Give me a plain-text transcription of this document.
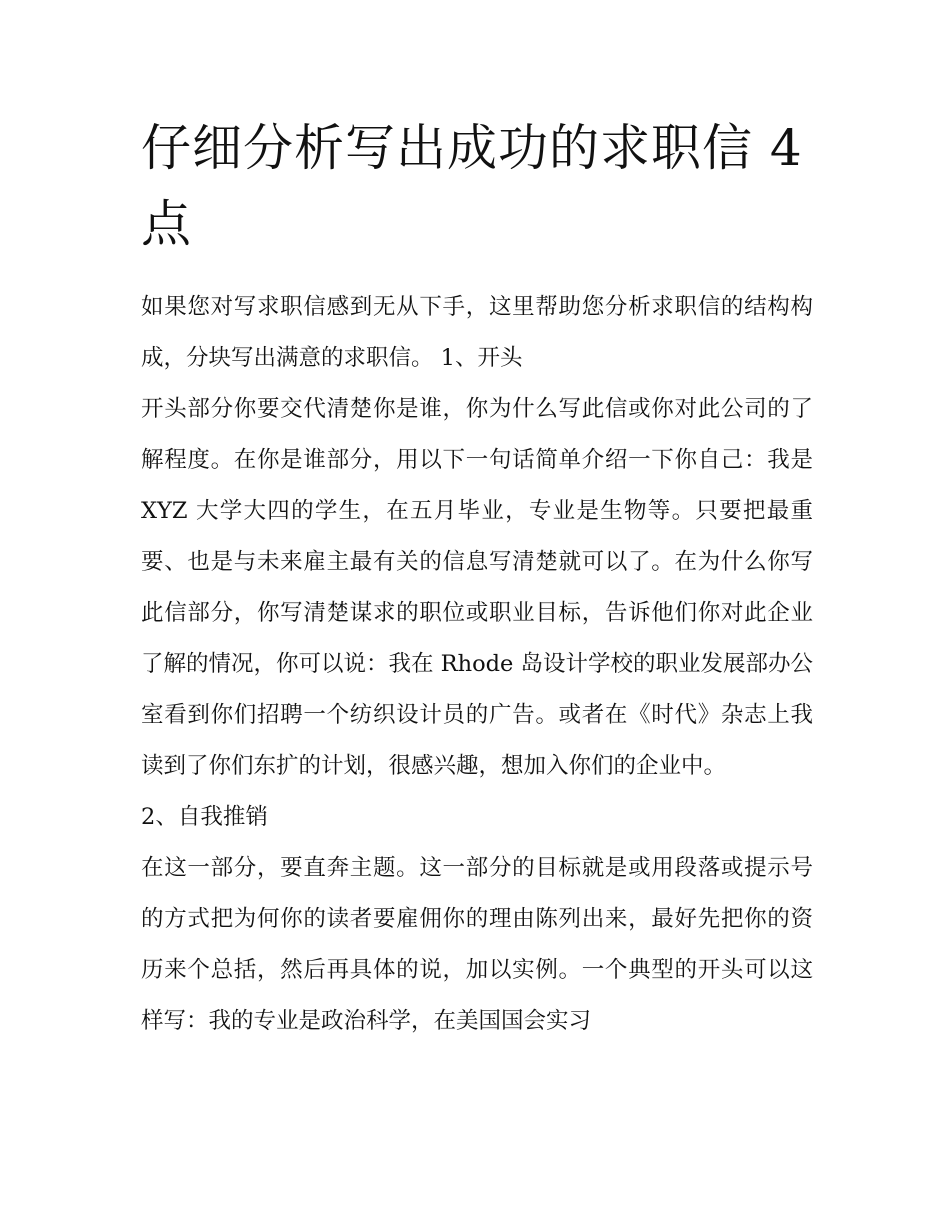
仔细分析写出成功的求职信 4 点

如果您对写求职信感到无从下手，这里帮助您分析求职信的结构构成，分块写出满意的求职信。 1、开头

开头部分你要交代清楚你是谁，你为什么写此信或你对此公司的了解程度。在你是谁部分，用以下一句话简单介绍一下你自己：我是 XYZ 大学大四的学生，在五月毕业，专业是生物等。只要把最重要、也是与未来雇主最有关的信息写清楚就可以了。在为什么你写此信部分，你写清楚谋求的职位或职业目标，告诉他们你对此企业了解的情况，你可以说：我在 Rhode 岛设计学校的职业发展部办公室看到你们招聘一个纺织设计员的广告。或者在《时代》杂志上我读到了你们东扩的计划，很感兴趣，想加入你们的企业中。

2、自我推销

在这一部分，要直奔主题。这一部分的目标就是或用段落或提示号的方式把为何你的读者要雇佣你的理由陈列出来，最好先把你的资历来个总括，然后再具体的说，加以实例。一个典型的开头可以这样写：我的专业是政治科学，在美国国会实习
